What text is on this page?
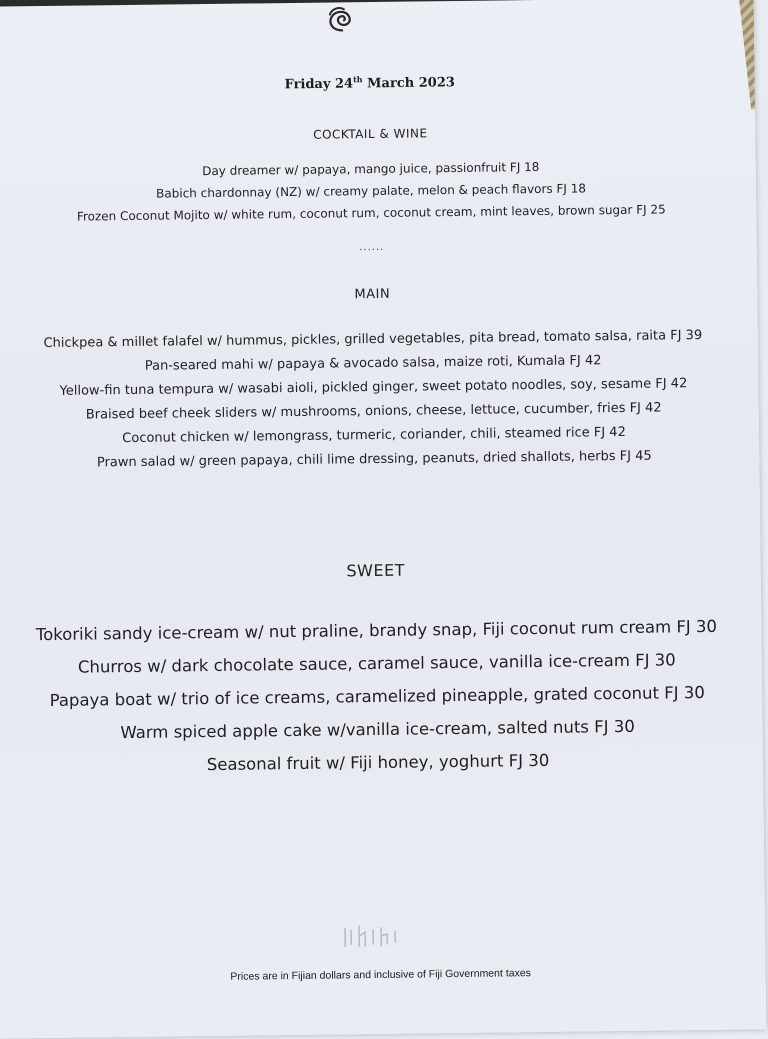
Friday 24th March 2023
COCKTAIL & WINE
Day dreamer w/ papaya, mango juice, passionfruit FJ 18
Babich chardonnay (NZ) w/ creamy palate, melon & peach flavors FJ 18
Frozen Coconut Mojito w/ white rum, coconut rum, coconut cream, mint leaves, brown sugar FJ 25
......
MAIN
Chickpea & millet falafel w/ hummus, pickles, grilled vegetables, pita bread, tomato salsa, raita FJ 39
Pan-seared mahi w/ papaya & avocado salsa, maize roti, Kumala FJ 42
Yellow-fin tuna tempura w/ wasabi aioli, pickled ginger, sweet potato noodles, soy, sesame FJ 42
Braised beef cheek sliders w/ mushrooms, onions, cheese, lettuce, cucumber, fries FJ 42
Coconut chicken w/ lemongrass, turmeric, coriander, chili, steamed rice FJ 42
Prawn salad w/ green papaya, chili lime dressing, peanuts, dried shallots, herbs FJ 45
SWEET
Tokoriki sandy ice-cream w/ nut praline, brandy snap, Fiji coconut rum cream FJ 30
Churros w/ dark chocolate sauce, caramel sauce, vanilla ice-cream FJ 30
Papaya boat w/ trio of ice creams, caramelized pineapple, grated coconut FJ 30
Warm spiced apple cake w/vanilla ice-cream, salted nuts FJ 30
Seasonal fruit w/ Fiji honey, yoghurt FJ 30
Prices are in Fijian dollars and inclusive of Fiji Government taxes
